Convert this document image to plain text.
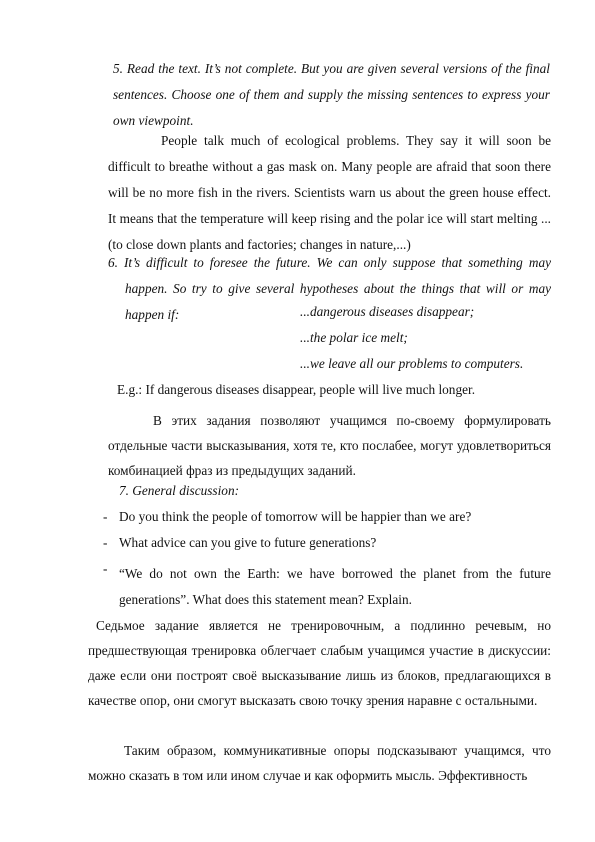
5. Read the text. It’s not complete. But you are given several versions of the final sentences. Choose one of them and supply the missing sentences to express your own viewpoint.

People talk much of ecological problems. They say it will soon be difficult to breathe without a gas mask on. Many people are afraid that soon there will be no more fish in the rivers. Scientists warn us about the green house effect. It means that the temperature will keep rising and the polar ice will start melting ... (to close down plants and factories; changes in nature,...)

6. It’s difficult to foresee the future. We can only suppose that something may happen. So try to give several hypotheses about the things that will or may happen if:	...dangerous diseases disappear;
...the polar ice melt;
...we leave all our problems to computers.

E.g.: If dangerous diseases disappear, people will live much longer.

В этих задания позволяют учащимся по-своему формулировать отдельные части высказывания, хотя те, кто послабее, могут удовлетвориться комбинацией фраз из предыдущих заданий.

7. General discussion:

- Do you think the people of tomorrow will be happier than we are?
- What advice can you give to future generations?
- “We do not own the Earth: we have borrowed the planet from the future generations”. What does this statement mean? Explain.

Седьмое задание является не тренировочным, а подлинно речевым, но предшествующая тренировка облегчает слабым учащимся участие в дискуссии: даже если они построят своё высказывание лишь из блоков, предлагающихся в качестве опор, они смогут высказать свою точку зрения наравне с остальными.

Таким образом, коммуникативные опоры подсказывают учащимся, что можно сказать в том или ином случае и как оформить мысль. Эффективность
